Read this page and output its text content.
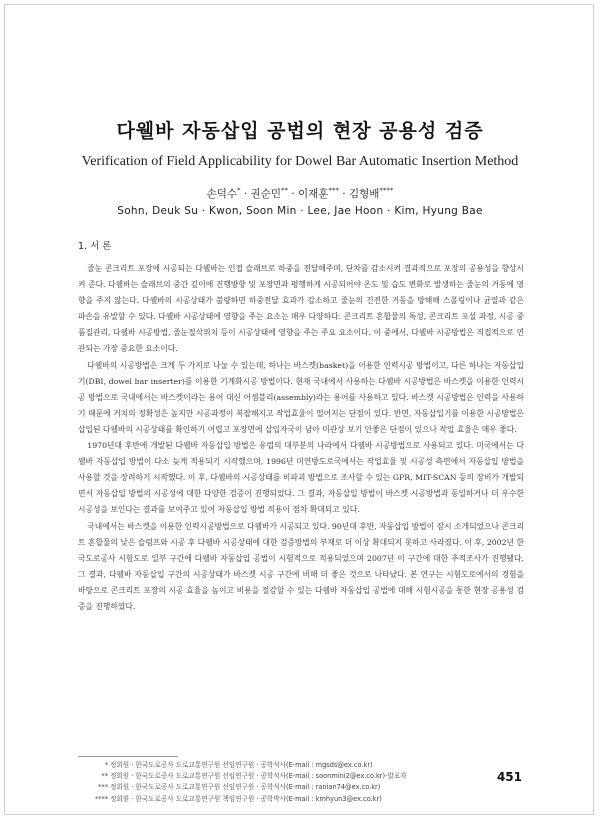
다웰바 자동삽입 공법의 현장 공용성 검증
Verification of Field Applicability for Dowel Bar Automatic Insertion Method
손덕수* · 권순민** · 이재훈*** · 김형배****
Sohn, Deuk Su · Kwon, Soon Min · Lee, Jae Hoon · Kim, Hyung Bae
1. 서 론

줄눈 콘크리트 포장에 시공되는 다웰바는 인접 슬래브로 하중을 전달해주며, 단차를 감소시켜 결과적으로 포장의 공용성을 향상시켜 준다. 다웰바는 슬래브의 중간 깊이에 진행방향 및 포장면과 평행하게 시공되어야 온도 및 습도 변화로 발생하는 줄눈의 거동에 영향을 주지 않는다. 다웰바의 시공상태가 불량하면 하중전달 효과가 감소하고 줄눈의 건전한 거동을 방해해 스폴링이나 균열과 같은 파손을 유발할 수 있다. 다웰바 시공상태에 영향을 주는 요소는 매우 다양하다. 콘크리트 혼합물의 특성, 콘크리트 포설 과정, 시공 중 품질관리, 다웰바 시공방법, 줄눈절삭위치 등이 시공상태에 영향을 주는 주요 요소이다. 이 중에서, 다웰바 시공방법은 직접적으로 연관되는 가장 중요한 요소이다.

다웰바의 시공방법은 크게 두 가지로 나눌 수 있는데, 하나는 바스켓(basket)을 이용한 인력시공 방법이고, 다른 하나는 자동삽입기(DBI, dowel bar inserter)를 이용한 기계화시공 방법이다. 현재 국내에서 사용하는 다웰바 시공방법은 바스켓을 이용한 인력시공 방법으로 국내에서는 바스켓이라는 용어 대신 어셈블리(assembly)라는 용어를 사용하고 있다. 바스켓 시공방법은 인력을 사용하기 때문에 거치의 정확성은 높지만 시공과정이 복잡해지고 작업효율이 떨어지는 단점이 있다. 반면, 자동삽입기를 이용한 시공방법은 삽입된 다웰바의 시공상태를 확인하기 어렵고 포장면에 삽입자국이 남아 미관상 보기 안좋은 단점이 있으나 작업 효율은 매우 좋다.

1970년대 후반에 개발된 다웰바 자동삽입 방법은 유럽의 대부분의 나라에서 다웰바 시공방법으로 사용되고 있다. 미국에서는 다웰바 자동삽입 방법이 다소 늦게 적용되기 시작했으며, 1996년 미연방도로국에서는 작업효율 및 시공성 측면에서 자동삽입 방법을 사용할 것을 장려하기 시작했다. 이 후, 다웰바의 시공상태를 비파괴 방법으로 조사할 수 있는 GPR, MIT-SCAN 등의 장비가 개발되면서 자동삽입 방법의 시공성에 대한 다양한 검증이 진행되었다. 그 결과, 자동삽입 방법이 바스켓 시공방법과 동일하거나 더 우수한 시공성을 보인다는 결과를 보여주고 있어 자동삽입 방법 적용이 점차 확대되고 있다.

국내에서는 바스켓을 이용한 인력시공방법으로 다웰바가 시공되고 있다. 90년대 후반, 자동삽입 방법이 잠시 소개되었으나 콘크리트 혼합물의 낮은 슬럼프와 시공 후 다웰바 시공상태에 대한 검증방법의 부재로 더 이상 확대되지 못하고 사라졌다. 이 후, 2002년 한국도로공사 시험도로 일부 구간에 다웰바 자동삽입 공법이 시험적으로 적용되었으며 2007년 이 구간에 대한 추적조사가 진행됐다. 그 결과, 다웰바 자동삽입 구간의 시공상태가 바스켓 시공 구간에 비해 더 좋은 것으로 나타났다. 본 연구는 시험도로에서의 경험을 바탕으로 콘크리트 포장의 시공 효율을 높이고 비용을 절감할 수 있는 다웰바 자동삽입 공법에 대해 시험시공을 통한 현장 공용성 검증을 진행하였다.

* 정회원 · 한국도로공사 도로교통연구원 선임연구원 · 공학석사(E-mail : mgsds@ex.co.kr)
** 정회원 · 한국도로공사 도로교통연구원 선임연구원 · 공학석사(E-mail : soonmini2@ex.co.kr)-발표자
*** 정회원 · 한국도로공사 도로교통연구원 선임연구원 · 공학석사(E-mail : ranian74@ex.co.kr)
**** 정회원 · 한국도로공사 도로교통연구원 책임연구원 · 공학박사(E-mail : kmhyun3@ex.co.kr)
451
